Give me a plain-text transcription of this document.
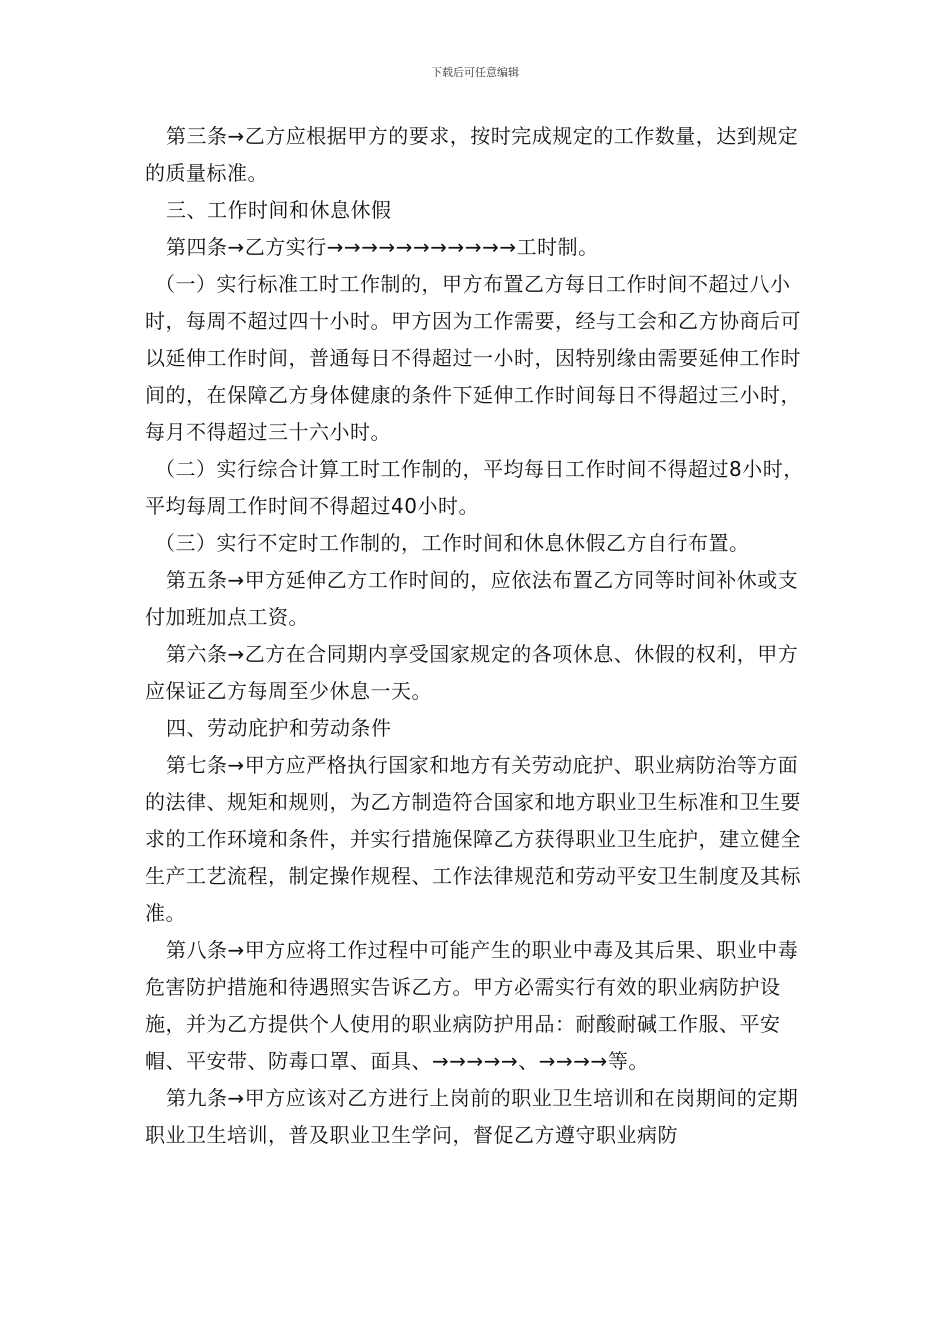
下载后可任意编辑

第三条→乙方应根据甲方的要求，按时完成规定的工作数量，达到规定的质量标准。

三、工作时间和休息休假

第四条→乙方实行→→→→→→→→→→→工时制。

（一）实行标准工时工作制的，甲方布置乙方每日工作时间不超过八小时，每周不超过四十小时。甲方因为工作需要，经与工会和乙方协商后可以延伸工作时间，普通每日不得超过一小时，因特别缘由需要延伸工作时间的，在保障乙方身体健康的条件下延伸工作时间每日不得超过三小时，每月不得超过三十六小时。

（二）实行综合计算工时工作制的，平均每日工作时间不得超过8小时，平均每周工作时间不得超过40小时。

（三）实行不定时工作制的，工作时间和休息休假乙方自行布置。

第五条→甲方延伸乙方工作时间的，应依法布置乙方同等时间补休或支付加班加点工资。

第六条→乙方在合同期内享受国家规定的各项休息、休假的权利，甲方应保证乙方每周至少休息一天。

四、劳动庇护和劳动条件

第七条→甲方应严格执行国家和地方有关劳动庇护、职业病防治等方面的法律、规矩和规则，为乙方制造符合国家和地方职业卫生标准和卫生要求的工作环境和条件，并实行措施保障乙方获得职业卫生庇护，建立健全生产工艺流程，制定操作规程、工作法律规范和劳动平安卫生制度及其标准。

第八条→甲方应将工作过程中可能产生的职业中毒及其后果、职业中毒危害防护措施和待遇照实告诉乙方。甲方必需实行有效的职业病防护设施，并为乙方提供个人使用的职业病防护用品：耐酸耐碱工作服、平安帽、平安带、防毒口罩、面具、→→→→→、→→→→等。

第九条→甲方应该对乙方进行上岗前的职业卫生培训和在岗期间的定期职业卫生培训，普及职业卫生学问，督促乙方遵守职业病防
